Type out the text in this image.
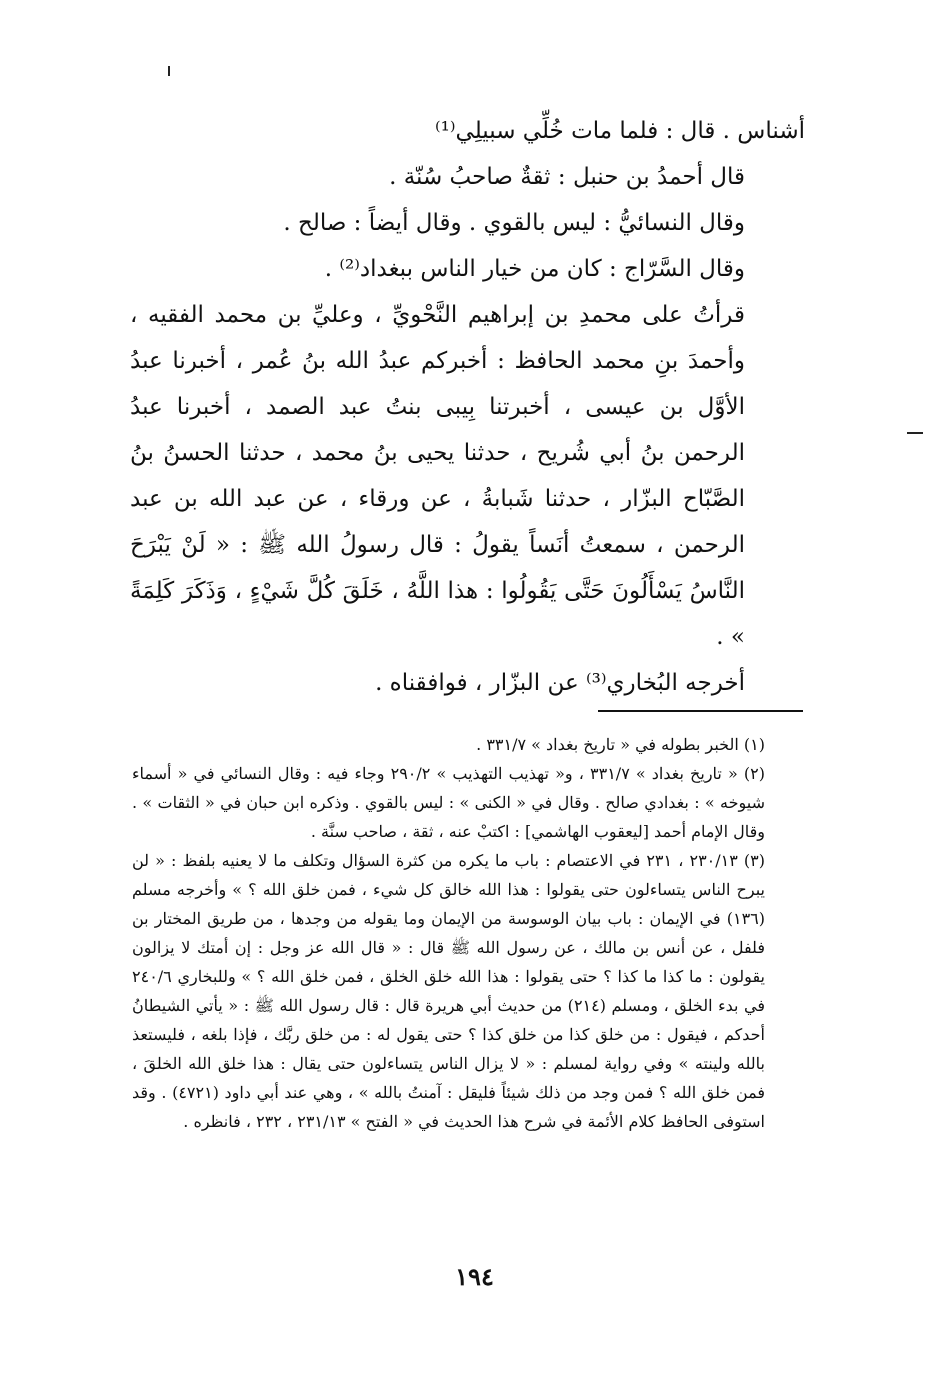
أشناس . قال : فلما مات خُلِّي سبيلِي⁽¹⁾

قال أحمدُ بن حنبل : ثقةٌ صاحبُ سُنّة .

وقال النسائيُّ : ليس بالقوي . وقال أيضاً : صالح .

وقال السَّرّاج : كان من خيار الناس ببغداد⁽²⁾ .

قرأتُ على محمدِ بن إبراهيم النَّحْويِّ ، وعليِّ بن محمد الفقيه ، وأحمدَ بنِ محمد الحافظ : أخبركم عبدُ الله بنُ عُمر ، أخبرنا عبدُ الأوَّل بن عيسى ، أخبرتنا بِيبى بنتُ عبد الصمد ، أخبرنا عبدُ الرحمن بنُ أبي شُريح ، حدثنا يحيى بنُ محمد ، حدثنا الحسنُ بنُ الصَّبّاح البزّار ، حدثنا شَبابةُ ، عن ورقاء ، عن عبد الله بن عبد الرحمن ، سمعتُ أنَساً يقولُ : قال رسولُ الله ﷺ : « لَنْ يَبْرَحَ النَّاسُ يَسْأَلُونَ حَتَّى يَقُولُوا : هذا اللَّهُ ، خَلَقَ كُلَّ شَيْءٍ ، وَذَكَرَ كَلِمَةً » .

أخرجه البُخاري⁽³⁾ عن البزّار ، فوافقناه .

(١) الخبر بطوله في « تاريخ بغداد » ٣٣١/٧ .

(٢) « تاريخ بغداد » ٣٣١/٧ ، و« تهذيب التهذيب » ٢٩٠/٢ وجاء فيه : وقال النسائي في « أسماء شيوخه » : بغدادي صالح . وقال في « الكنى » : ليس بالقوي . وذكره ابن حبان في « الثقات » . وقال الإمام أحمد [ليعقوب الهاشمي] : اكتبْ عنه ، ثقة ، صاحب سنَّة .

(٣) ٢٣٠/١٣ ، ٢٣١ في الاعتصام : باب ما يكره من كثرة السؤال وتكلف ما لا يعنيه بلفظ : « لن يبرح الناس يتساءلون حتى يقولوا : هذا الله خالق كل شيء ، فمن خلق الله ؟ » وأخرجه مسلم (١٣٦) في الإيمان : باب بيان الوسوسة من الإيمان وما يقوله من وجدها ، من طريق المختار بن فلفل ، عن أنس بن مالك ، عن رسول الله ﷺ قال : « قال الله عز وجل : إن أمتك لا يزالون يقولون : ما كذا ما كذا ؟ حتى يقولوا : هذا الله خلق الخلق ، فمن خلق الله ؟ » وللبخاري ٢٤٠/٦ في بدء الخلق ، ومسلم (٢١٤) من حديث أبي هريرة قال : قال رسول الله ﷺ : « يأتي الشيطانُ أحدكم ، فيقول : من خلق كذا من خلق كذا ؟ حتى يقول له : من خلق ربَّك ، فإذا بلغه ، فليستعذ بالله ولينته » وفي رواية لمسلم : « لا يزال الناس يتساءلون حتى يقال : هذا خلق الله الخلقَ ، فمن خلق الله ؟ فمن وجد من ذلك شيئاً فليقل : آمنتُ بالله » ، وهي عند أبي داود (٤٧٢١) . وقد استوفى الحافظ كلام الأئمة في شرح هذا الحديث في « الفتح » ٢٣١/١٣ ، ٢٣٢ ، فانظره .

١٩٤
